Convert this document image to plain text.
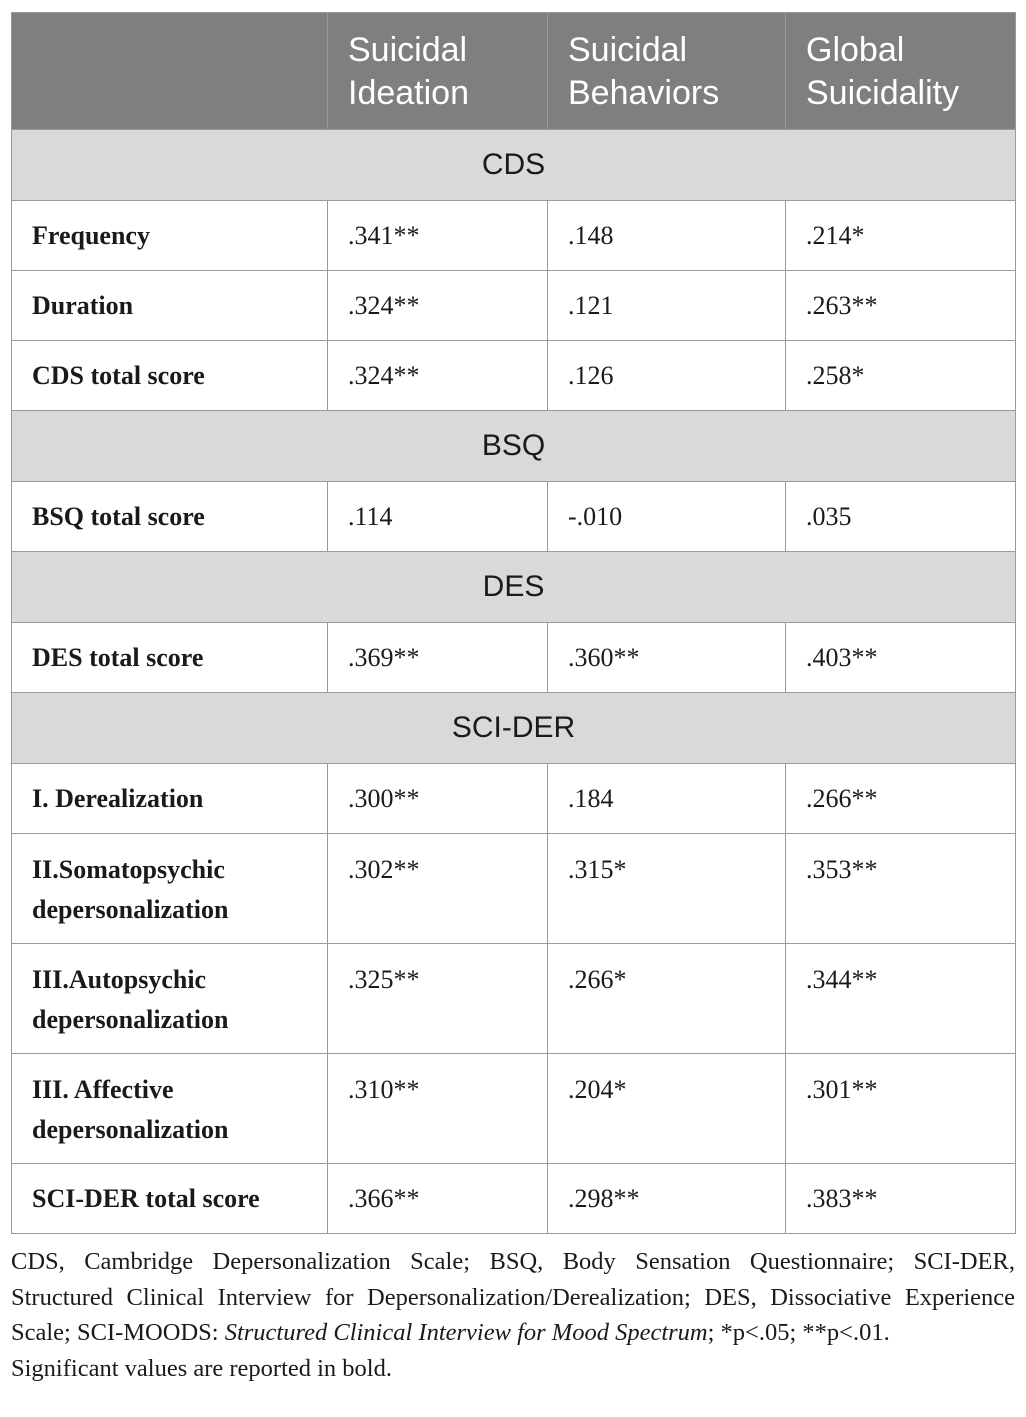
	Suicidal Ideation	Suicidal Behaviors	Global Suicidality
CDS			
Frequency	.341**	.148	.214*
Duration	.324**	.121	.263**
CDS total score	.324**	.126	.258*
BSQ			
BSQ total score	.114	-.010	.035
DES			
DES total score	.369**	.360**	.403**
SCI-DER			
I. Derealization	.300**	.184	.266**
II.Somatopsychic depersonalization	.302**	.315*	.353**
III.Autopsychic depersonalization	.325**	.266*	.344**
III. Affective depersonalization	.310**	.204*	.301**
SCI-DER total score	.366**	.298**	.383**

CDS, Cambridge Depersonalization Scale; BSQ, Body Sensation Questionnaire; SCI-DER, Structured Clinical Interview for Depersonalization/Derealization; DES, Dissociative Experience Scale; SCI-MOODS: Structured Clinical Interview for Mood Spectrum; *p<.05; **p<.01.

Significant values are reported in bold.
